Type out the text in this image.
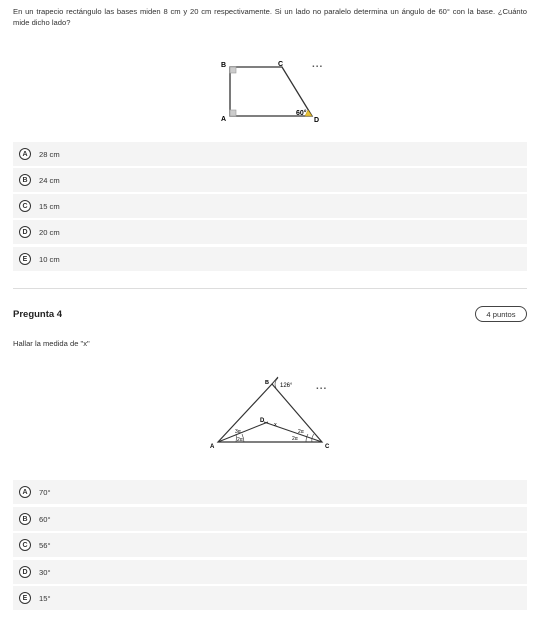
En un trapecio rectángulo las bases miden 8 cm y 20 cm respectivamente. Si un lado no paralelo determina un ángulo de 60° con la base. ¿Cuánto mide dicho lado?
B	C
A	D
60°
...
A	28 cm
B	24 cm
C	15 cm
D	20 cm
E	10 cm
Pregunta 4	4 puntos
Hallar la medida de "x"
B 126°
A	C
D
x
3α
2α
2α
2α
...
A	70°
B	60°
C	56°
D	30°
E	15°
